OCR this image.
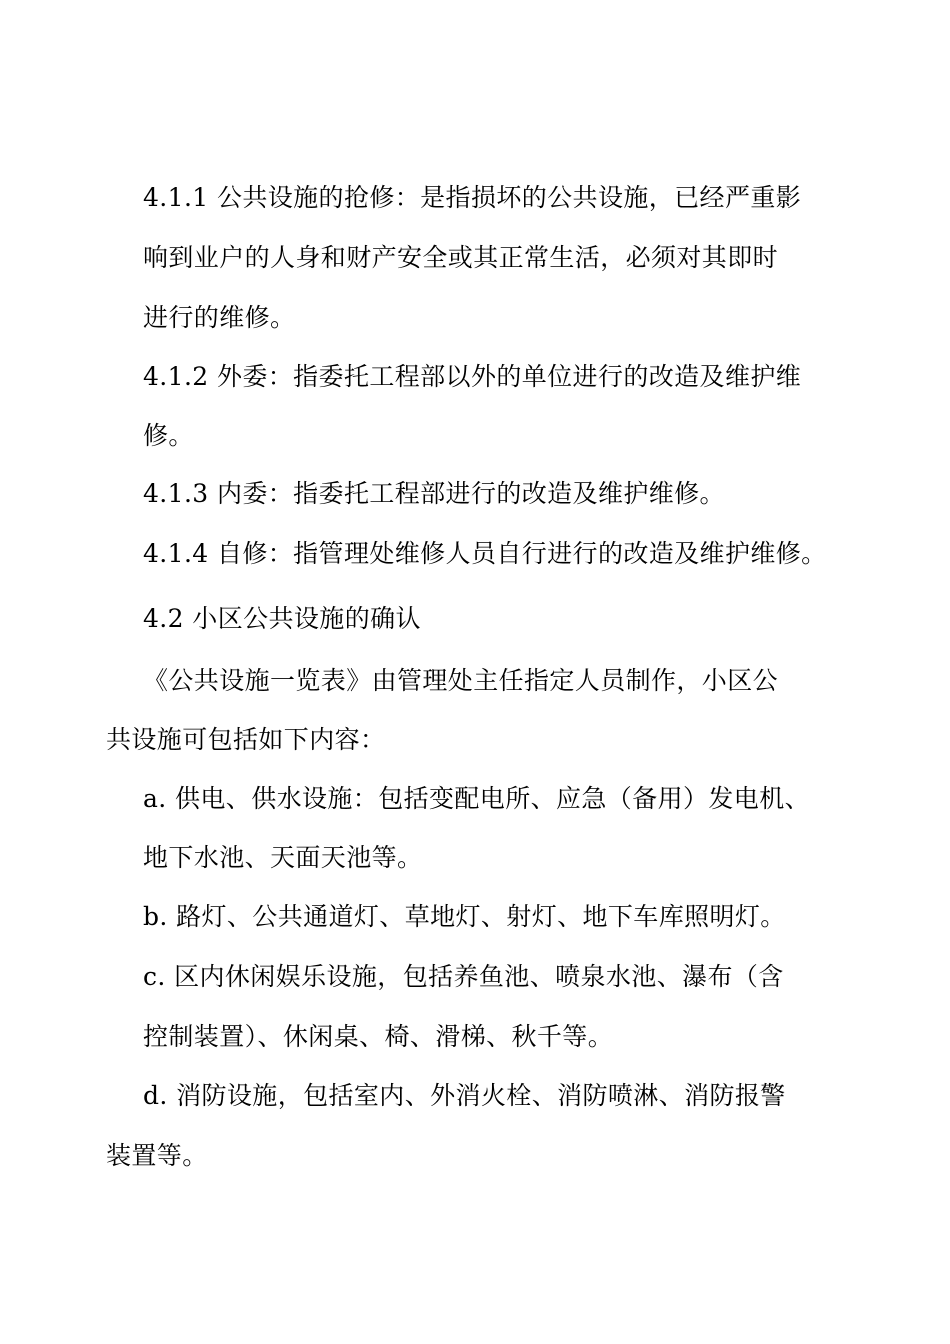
4.1.1 公共设施的抢修：是指损坏的公共设施，已经严重影
响到业户的人身和财产安全或其正常生活，必须对其即时
进行的维修。
4.1.2 外委：指委托工程部以外的单位进行的改造及维护维
修。
4.1.3 内委：指委托工程部进行的改造及维护维修。
4.1.4 自修：指管理处维修人员自行进行的改造及维护维修。
4.2 小区公共设施的确认
《公共设施一览表》由管理处主任指定人员制作，小区公
共设施可包括如下内容：
a. 供电、供水设施：包括变配电所、应急（备用）发电机、
地下水池、天面天池等。
b. 路灯、公共通道灯、草地灯、射灯、地下车库照明灯。
c. 区内休闲娱乐设施，包括养鱼池、喷泉水池、瀑布（含
控制装置）、休闲桌、椅、滑梯、秋千等。
d. 消防设施，包括室内、外消火栓、消防喷淋、消防报警
装置等。
